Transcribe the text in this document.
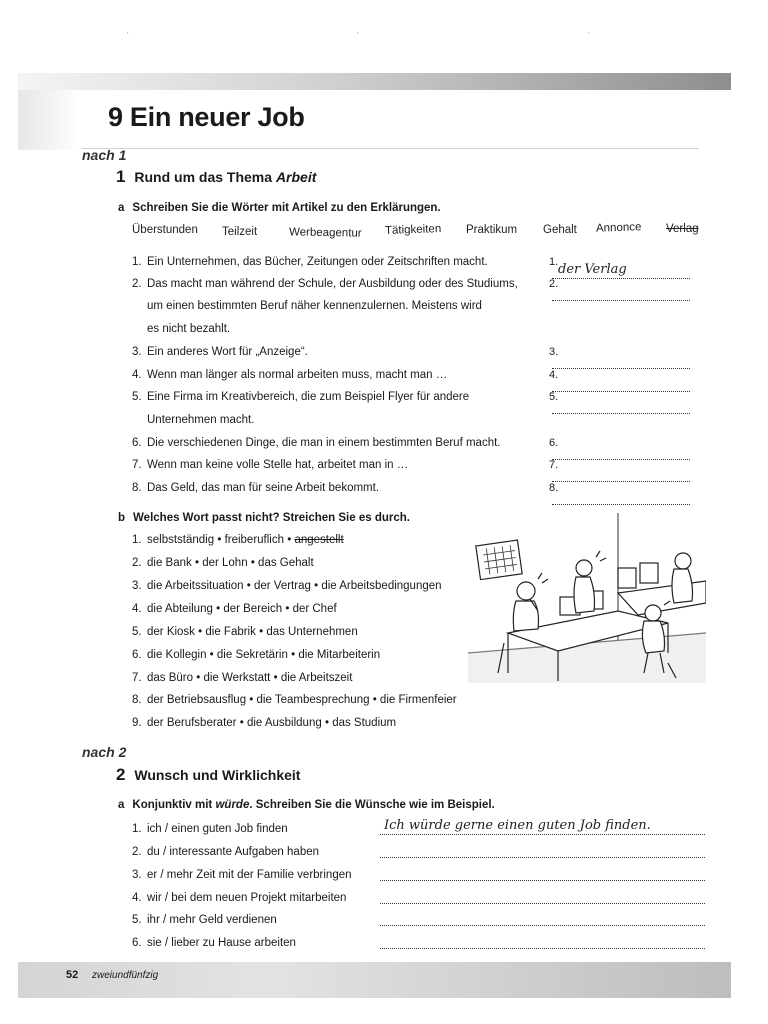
'	'	'
9 Ein neuer Job
nach 1
1 Rund um das Thema Arbeit
a Schreiben Sie die Wörter mit Artikel zu den Erklärungen.
Überstunden Teilzeit	Werbeagentur Tätigkeiten Praktikum Gehalt Annonce Verlag
1. Ein Unternehmen, das Bücher, Zeitungen oder Zeitschriften macht.	1. der Verlag
2. Das macht man während der Schule, der Ausbildung oder des Studiums,	2.
um einen bestimmten Beruf näher kennenzulernen. Meistens wird
es nicht bezahlt.
3. Ein anderes Wort für „Anzeige“.	3.
4. Wenn man länger als normal arbeiten muss, macht man …	4.
5. Eine Firma im Kreativbereich, die zum Beispiel Flyer für andere	5.
Unternehmen macht.
6. Die verschiedenen Dinge, die man in einem bestimmten Beruf macht.	6.
7. Wenn man keine volle Stelle hat, arbeitet man in …	7.
8. Das Geld, das man für seine Arbeit bekommt.	8.
b Welches Wort passt nicht? Streichen Sie es durch.
1. selbstständig • freiberuflich • angestellt
2. die Bank • der Lohn • das Gehalt
3. die Arbeitssituation • der Vertrag • die Arbeitsbedingungen
4. die Abteilung • der Bereich • der Chef
5. der Kiosk • die Fabrik • das Unternehmen
6. die Kollegin • die Sekretärin • die Mitarbeiterin
7. das Büro • die Werkstatt • die Arbeitszeit
8. der Betriebsausflug • die Teambesprechung • die Firmenfeier
9. der Berufsberater • die Ausbildung • das Studium
nach 2
2 Wunsch und Wirklichkeit
a Konjunktiv mit würde. Schreiben Sie die Wünsche wie im Beispiel.
1. ich / einen guten Job finden	Ich würde gerne einen guten Job finden.
2. du / interessante Aufgaben haben
3. er / mehr Zeit mit der Familie verbringen
4. wir / bei dem neuen Projekt mitarbeiten
5. ihr / mehr Geld verdienen
6. sie / lieber zu Hause arbeiten
52 zweiundfünfzig
